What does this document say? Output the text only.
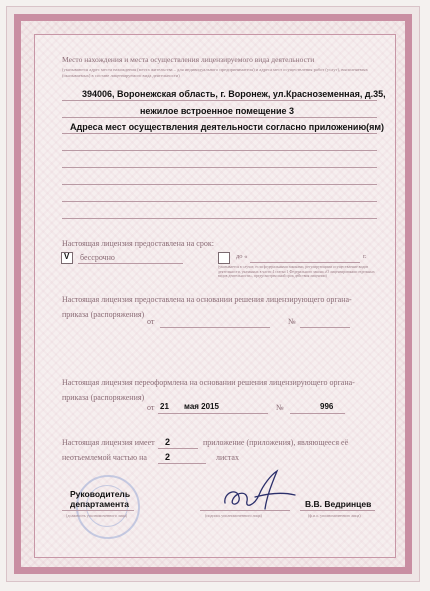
Место нахождения и места осуществления лицензируемого вида деятельности
(указываются адрес места нахождения (места жительства – для индивидуального предпринимателя) и адреса мест осуществления работ (услуг), выполняемых (оказываемых) в составе лицензируемого вида деятельности)
394006, Воронежская область, г. Воронеж, ул.Красноземенная, д.35,
нежилое встроенное помещение 3
Адреса мест осуществления деятельности согласно приложению(ям)
Настоящая лицензия предоставлена на срок:
V бессрочно	до «	г.
(указывается в случае, если федеральными законами, регулирующими осуществление видов деятельности, указанных в части 4 статьи 1 Федерального закона «О лицензировании отдельных видов деятельности», предусмотрен иной срок действия лицензии)
Настоящая лицензия предоставлена на основании решения лицензирующего органа-
приказа (распоряжения)
от	№
Настоящая лицензия переоформлена на основании решения лицензирующего органа-
приказа (распоряжения)
от 21 мая 2015	№	996
Настоящая лицензия имеет 2	приложение (приложения), являющееся её
неотъемлемой частью на 2	листах
Руководитель
департамента
(должность уполномоченного лица)	(подпись уполномоченного лица)
В.В. Ведринцев
(ф.и.о. уполномоченного лица)
